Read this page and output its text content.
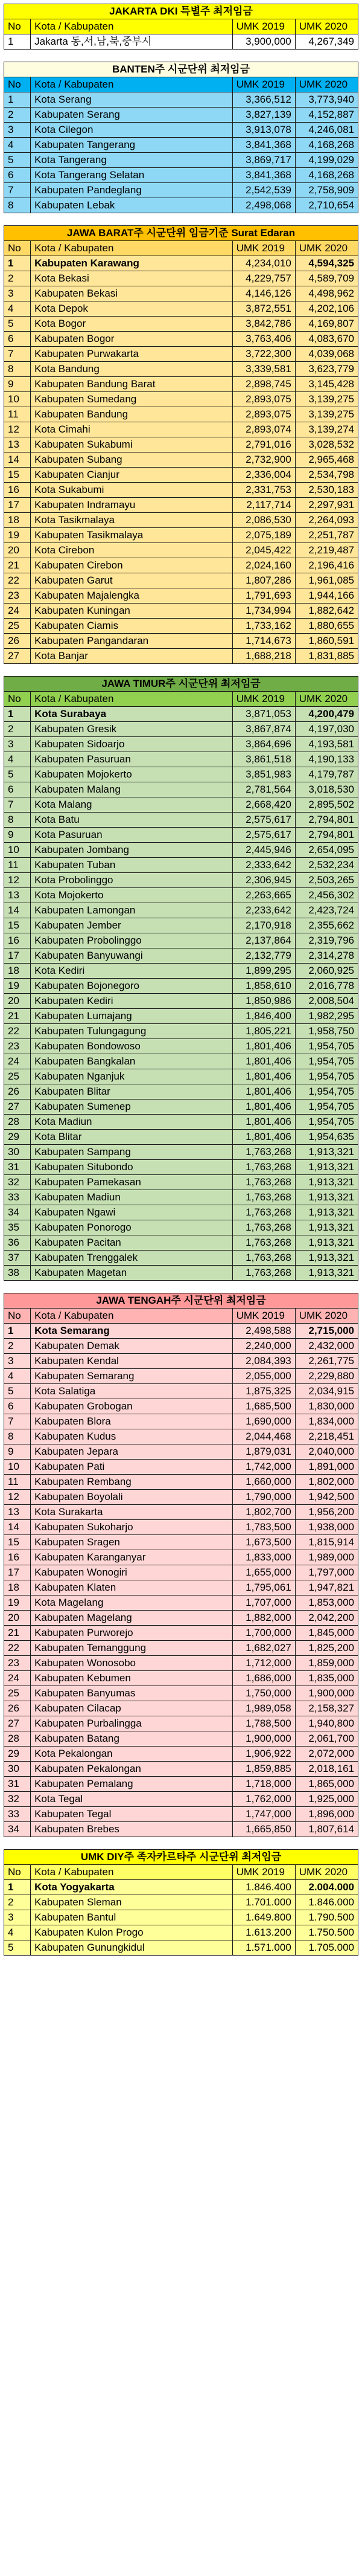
JAKARTA DKI 특별주 최저임금			
No	Kota / Kabupaten	UMK 2019	UMK 2020
1	Jakarta 동,서,남,북,중부시	3,900,000	4,267,349
BANTEN주 시군단위 최저임금			
No	Kota / Kabupaten	UMK 2019	UMK 2020
1	Kota Serang	3,366,512	3,773,940
2	Kabupaten Serang	3,827,139	4,152,887
3	Kota Cilegon	3,913,078	4,246,081
4	Kabupaten Tangerang	3,841,368	4,168,268
5	Kota Tangerang	3,869,717	4,199,029
6	Kota Tangerang Selatan	3,841,368	4,168,268
7	Kabupaten Pandeglang	2,542,539	2,758,909
8	Kabupaten Lebak	2,498,068	2,710,654
JAWA BARAT주 시군단위 임금기준 Surat Edaran			
No	Kota / Kabupaten	UMK 2019	UMK 2020
1	Kabupaten Karawang	4,234,010	4,594,325
2	Kota Bekasi	4,229,757	4,589,709
3	Kabupaten Bekasi	4,146,126	4,498,962
4	Kota Depok	3,872,551	4,202,106
5	Kota Bogor	3,842,786	4,169,807
6	Kabupaten Bogor	3,763,406	4,083,670
7	Kabupaten Purwakarta	3,722,300	4,039,068
8	Kota Bandung	3,339,581	3,623,779
9	Kabupaten Bandung Barat	2,898,745	3,145,428
10	Kabupaten Sumedang	2,893,075	3,139,275
11	Kabupaten Bandung	2,893,075	3,139,275
12	Kota Cimahi	2,893,074	3,139,274
13	Kabupaten Sukabumi	2,791,016	3,028,532
14	Kabupaten Subang	2,732,900	2,965,468
15	Kabupaten Cianjur	2,336,004	2,534,798
16	Kota Sukabumi	2,331,753	2,530,183
17	Kabupaten Indramayu	2,117,714	2,297,931
18	Kota Tasikmalaya	2,086,530	2,264,093
19	Kabupaten Tasikmalaya	2,075,189	2,251,787
20	Kota Cirebon	2,045,422	2,219,487
21	Kabupaten Cirebon	2,024,160	2,196,416
22	Kabupaten Garut	1,807,286	1,961,085
23	Kabupaten Majalengka	1,791,693	1,944,166
24	Kabupaten Kuningan	1,734,994	1,882,642
25	Kabupaten Ciamis	1,733,162	1,880,655
26	Kabupaten Pangandaran	1,714,673	1,860,591
27	Kota Banjar	1,688,218	1,831,885
JAWA TIMUR주 시군단위 최저임금			
No	Kota / Kabupaten	UMK 2019	UMK 2020
1	Kota Surabaya	3,871,053	4,200,479
2	Kabupaten Gresik	3,867,874	4,197,030
3	Kabupaten Sidoarjo	3,864,696	4,193,581
4	Kabupaten Pasuruan	3,861,518	4,190,133
5	Kabupaten Mojokerto	3,851,983	4,179,787
6	Kabupaten Malang	2,781,564	3,018,530
7	Kota Malang	2,668,420	2,895,502
8	Kota Batu	2,575,617	2,794,801
9	Kota Pasuruan	2,575,617	2,794,801
10	Kabupaten Jombang	2,445,946	2,654,095
11	Kabupaten Tuban	2,333,642	2,532,234
12	Kota Probolinggo	2,306,945	2,503,265
13	Kota Mojokerto	2,263,665	2,456,302
14	Kabupaten Lamongan	2,233,642	2,423,724
15	Kabupaten Jember	2,170,918	2,355,662
16	Kabupaten Probolinggo	2,137,864	2,319,796
17	Kabupaten Banyuwangi	2,132,779	2,314,278
18	Kota Kediri	1,899,295	2,060,925
19	Kabupaten Bojonegoro	1,858,610	2,016,778
20	Kabupaten Kediri	1,850,986	2,008,504
21	Kabupaten Lumajang	1,846,400	1,982,295
22	Kabupaten Tulungagung	1,805,221	1,958,750
23	Kabupaten Bondowoso	1,801,406	1,954,705
24	Kabupaten Bangkalan	1,801,406	1,954,705
25	Kabupaten Nganjuk	1,801,406	1,954,705
26	Kabupaten Blitar	1,801,406	1,954,705
27	Kabupaten Sumenep	1,801,406	1,954,705
28	Kota Madiun	1,801,406	1,954,705
29	Kota Blitar	1,801,406	1,954,635
30	Kabupaten Sampang	1,763,268	1,913,321
31	Kabupaten Situbondo	1,763,268	1,913,321
32	Kabupaten Pamekasan	1,763,268	1,913,321
33	Kabupaten Madiun	1,763,268	1,913,321
34	Kabupaten Ngawi	1,763,268	1,913,321
35	Kabupaten Ponorogo	1,763,268	1,913,321
36	Kabupaten Pacitan	1,763,268	1,913,321
37	Kabupaten Trenggalek	1,763,268	1,913,321
38	Kabupaten Magetan	1,763,268	1,913,321
JAWA TENGAH주 시군단위 최저임금			
No	Kota / Kabupaten	UMK 2019	UMK 2020
1	Kota Semarang	2,498,588	2,715,000
2	Kabupaten Demak	2,240,000	2,432,000
3	Kabupaten Kendal	2,084,393	2,261,775
4	Kabupaten Semarang	2,055,000	2,229,880
5	Kota Salatiga	1,875,325	2,034,915
6	Kabupaten Grobogan	1,685,500	1,830,000
7	Kabupaten Blora	1,690,000	1,834,000
8	Kabupaten Kudus	2,044,468	2,218,451
9	Kabupaten Jepara	1,879,031	2,040,000
10	Kabupaten Pati	1,742,000	1,891,000
11	Kabupaten Rembang	1,660,000	1,802,000
12	Kabupaten Boyolali	1,790,000	1,942,500
13	Kota Surakarta	1,802,700	1,956,200
14	Kabupaten Sukoharjo	1,783,500	1,938,000
15	Kabupaten Sragen	1,673,500	1,815,914
16	Kabupaten Karanganyar	1,833,000	1,989,000
17	Kabupaten Wonogiri	1,655,000	1,797,000
18	Kabupaten Klaten	1,795,061	1,947,821
19	Kota Magelang	1,707,000	1,853,000
20	Kabupaten Magelang	1,882,000	2,042,200
21	Kabupaten Purworejo	1,700,000	1,845,000
22	Kabupaten Temanggung	1,682,027	1,825,200
23	Kabupaten Wonosobo	1,712,000	1,859,000
24	Kabupaten Kebumen	1,686,000	1,835,000
25	Kabupaten Banyumas	1,750,000	1,900,000
26	Kabupaten Cilacap	1,989,058	2,158,327
27	Kabupaten Purbalingga	1,788,500	1,940,800
28	Kabupaten Batang	1,900,000	2,061,700
29	Kota Pekalongan	1,906,922	2,072,000
30	Kabupaten Pekalongan	1,859,885	2,018,161
31	Kabupaten Pemalang	1,718,000	1,865,000
32	Kota Tegal	1,762,000	1,925,000
33	Kabupaten Tegal	1,747,000	1,896,000
34	Kabupaten Brebes	1,665,850	1,807,614
UMK DIY주 족자카르타주 시군단위 최저임금			
No	Kota / Kabupaten	UMK 2019	UMK 2020
1	Kota Yogyakarta	1.846.400	2.004.000
2	Kabupaten Sleman	1.701.000	1.846.000
3	Kabupaten Bantul	1.649.800	1.790.500
4	Kabupaten Kulon Progo	1.613.200	1.750.500
5	Kabupaten Gunungkidul	1.571.000	1.705.000
